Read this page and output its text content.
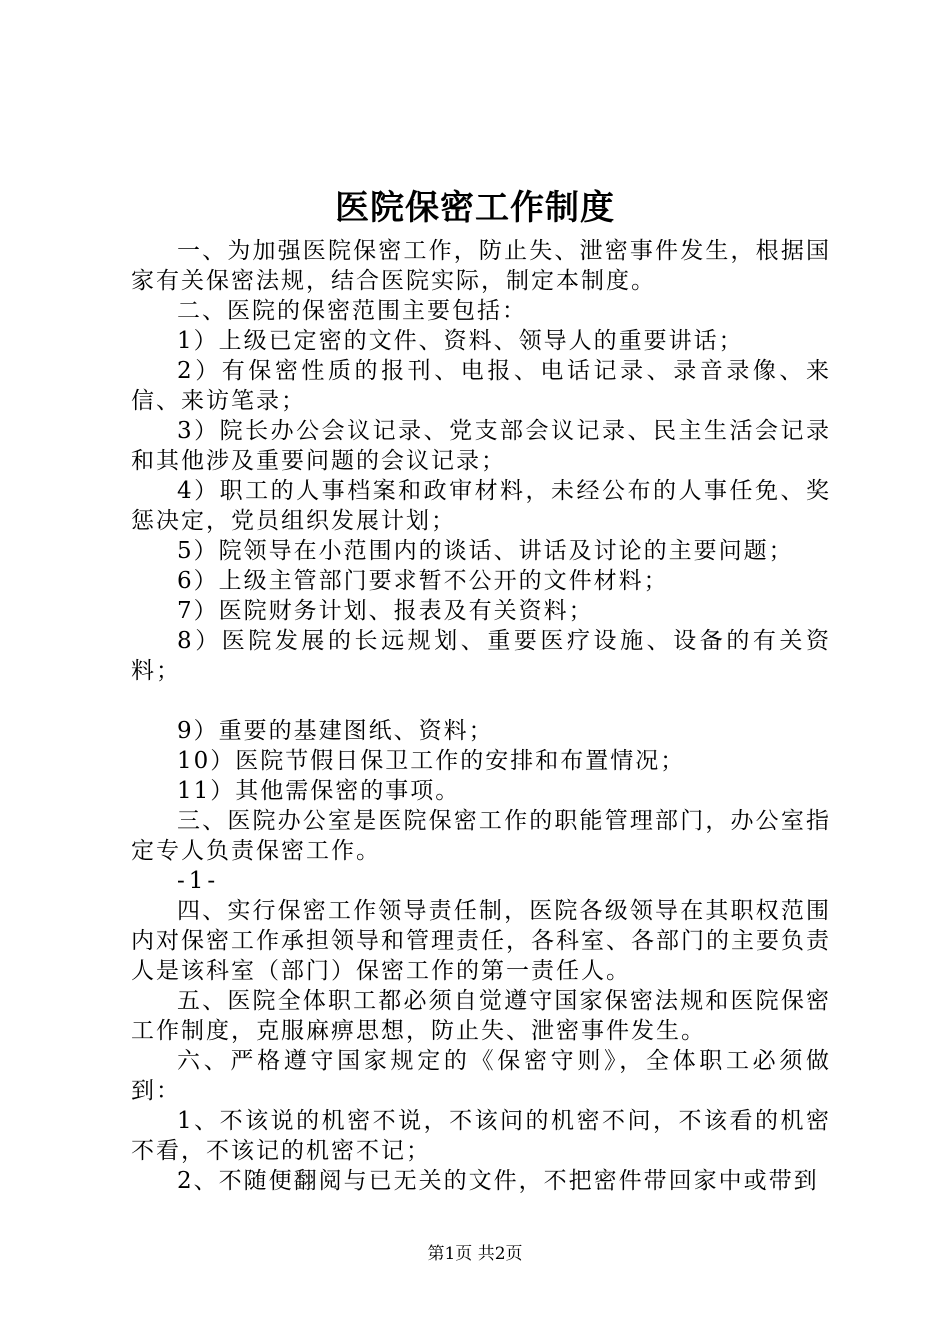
医院保密工作制度

一、为加强医院保密工作，防止失、泄密事件发生，根据国家有关保密法规，结合医院实际，制定本制度。

二、医院的保密范围主要包括：

1）上级已定密的文件、资料、领导人的重要讲话；

2）有保密性质的报刊、电报、电话记录、录音录像、来信、来访笔录；

3）院长办公会议记录、党支部会议记录、民主生活会记录和其他涉及重要问题的会议记录；

4）职工的人事档案和政审材料，未经公布的人事任免、奖惩决定，党员组织发展计划；

5）院领导在小范围内的谈话、讲话及讨论的主要问题；

6）上级主管部门要求暂不公开的文件材料；

7）医院财务计划、报表及有关资料；

8）医院发展的长远规划、重要医疗设施、设备的有关资料；

9）重要的基建图纸、资料；

10）医院节假日保卫工作的安排和布置情况；

11）其他需保密的事项。

三、医院办公室是医院保密工作的职能管理部门，办公室指定专人负责保密工作。

-1-

四、实行保密工作领导责任制，医院各级领导在其职权范围内对保密工作承担领导和管理责任，各科室、各部门的主要负责人是该科室（部门）保密工作的第一责任人。

五、医院全体职工都必须自觉遵守国家保密法规和医院保密工作制度，克服麻痹思想，防止失、泄密事件发生。

六、严格遵守国家规定的《保密守则》，全体职工必须做到：

1、不该说的机密不说，不该问的机密不问，不该看的机密不看，不该记的机密不记；

2、不随便翻阅与已无关的文件，不把密件带回家中或带到

第1页 共2页
